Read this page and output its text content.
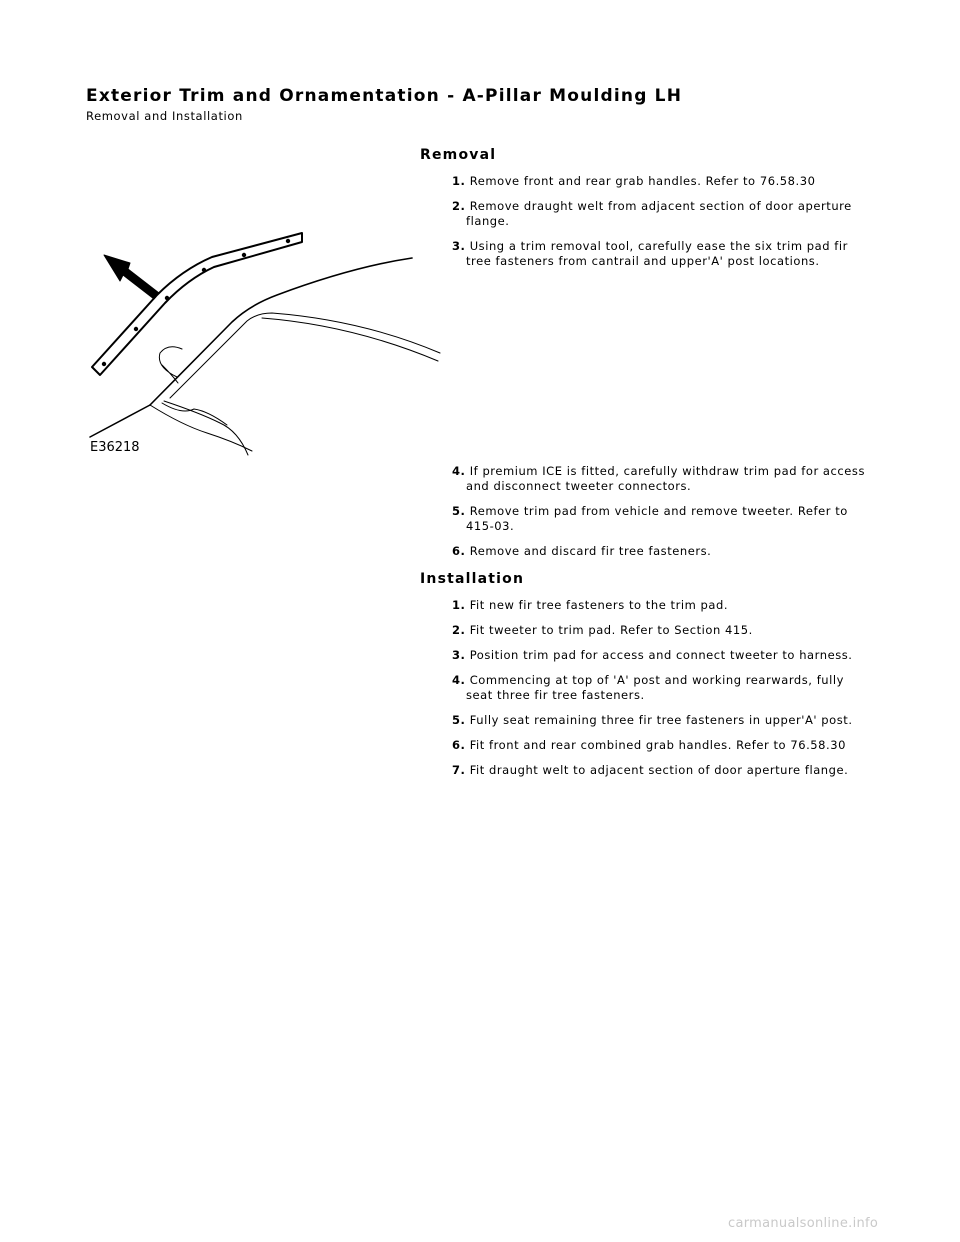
Exterior Trim and Ornamentation - A-Pillar Moulding LH
Removal and Installation
Removal
1. Remove front and rear grab handles. Refer to 76.58.30
2. Remove draught welt from adjacent section of door aperture flange.
3. Using a trim removal tool, carefully ease the six trim pad fir tree fasteners from cantrail and upper'A' post locations.
E36218
4. If premium ICE is fitted, carefully withdraw trim pad for access and disconnect tweeter connectors.
5. Remove trim pad from vehicle and remove tweeter. Refer to 415-03.
6. Remove and discard fir tree fasteners.
Installation
1. Fit new fir tree fasteners to the trim pad.
2. Fit tweeter to trim pad. Refer to Section 415.
3. Position trim pad for access and connect tweeter to harness.
4. Commencing at top of 'A' post and working rearwards, fully seat three fir tree fasteners.
5. Fully seat remaining three fir tree fasteners in upper'A' post.
6. Fit front and rear combined grab handles. Refer to 76.58.30
7. Fit draught welt to adjacent section of door aperture flange.
carmanualsonline.info
